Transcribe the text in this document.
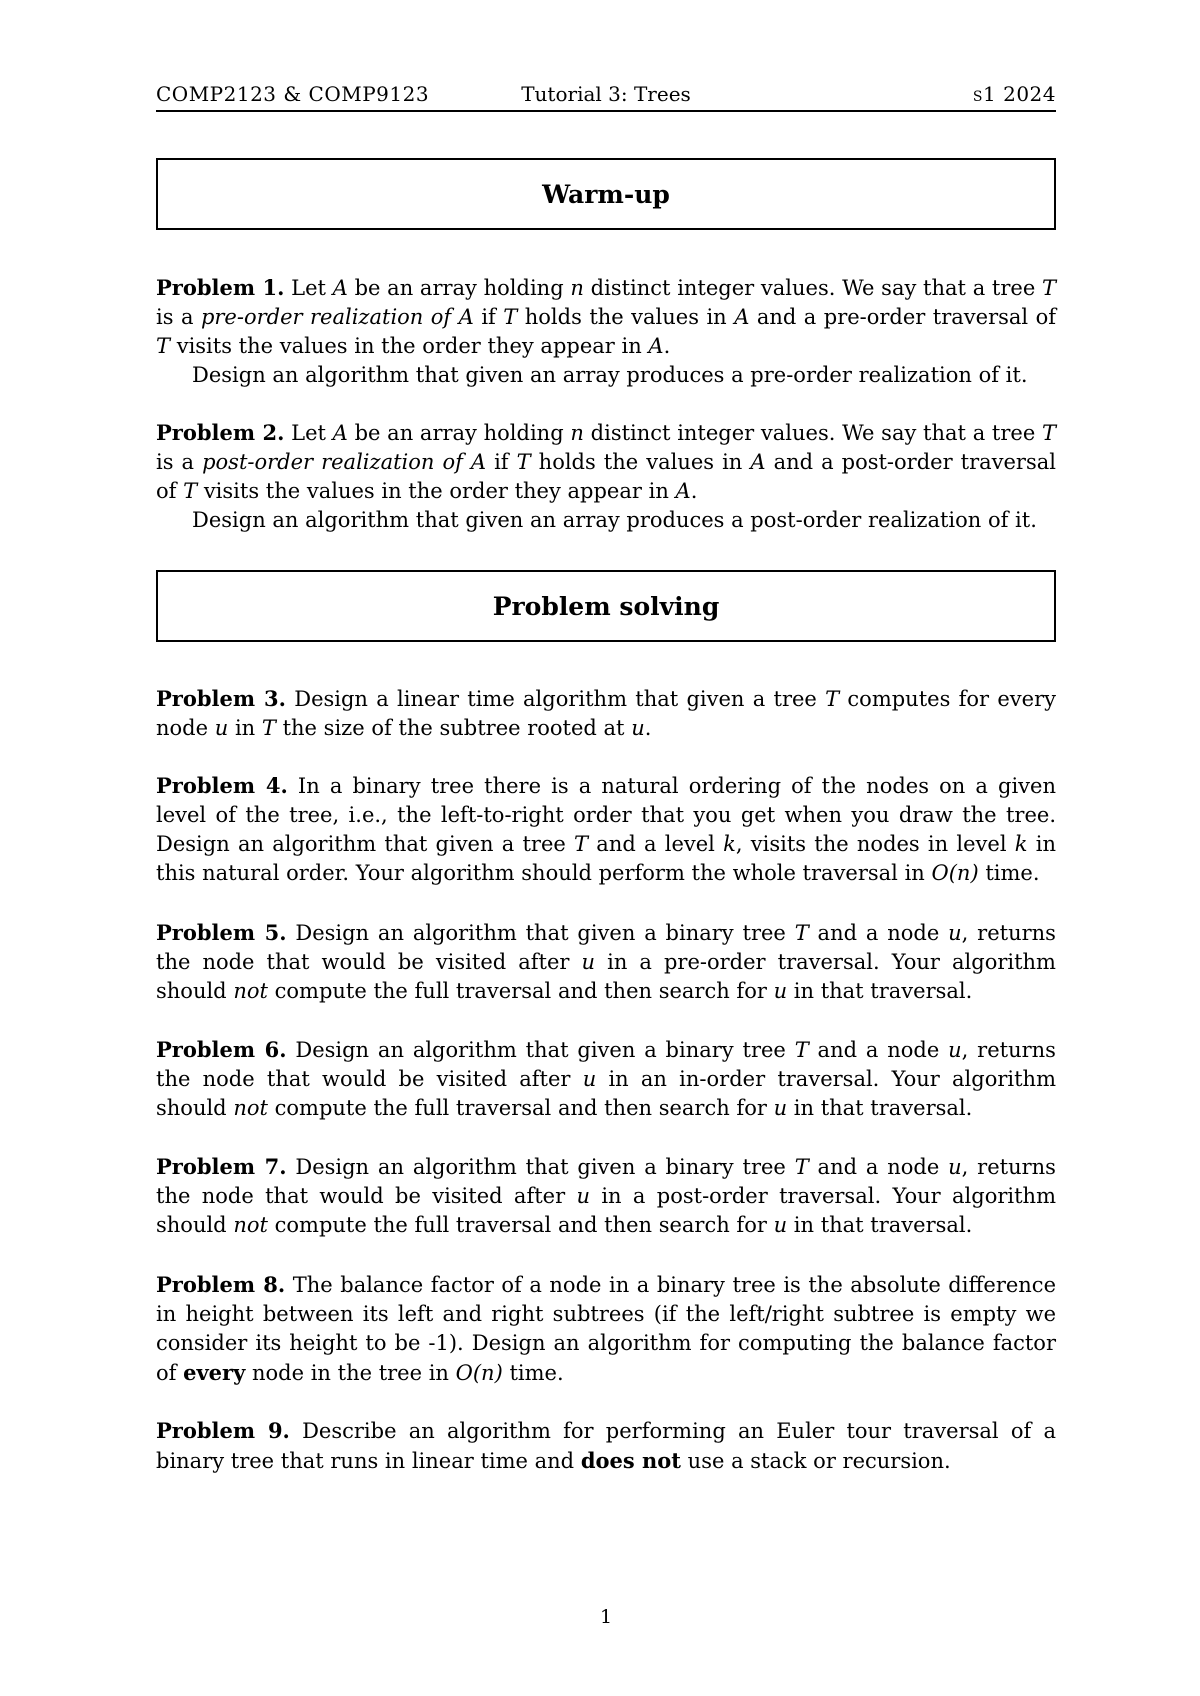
COMP2123 & COMP9123	Tutorial 3: Trees	s1 2024
Warm-up
Problem 1. Let A be an array holding n distinct integer values. We say that a tree T is a pre-order realization of A if T holds the values in A and a pre-order traversal of T visits the values in the order they appear in A.
Design an algorithm that given an array produces a pre-order realization of it.
Problem 2. Let A be an array holding n distinct integer values. We say that a tree T is a post-order realization of A if T holds the values in A and a post-order traversal of T visits the values in the order they appear in A.
Design an algorithm that given an array produces a post-order realization of it.
Problem solving
Problem 3. Design a linear time algorithm that given a tree T computes for every node u in T the size of the subtree rooted at u.
Problem 4. In a binary tree there is a natural ordering of the nodes on a given level of the tree, i.e., the left-to-right order that you get when you draw the tree. Design an algorithm that given a tree T and a level k, visits the nodes in level k in this natural order. Your algorithm should perform the whole traversal in O(n) time.
Problem 5. Design an algorithm that given a binary tree T and a node u, returns the node that would be visited after u in a pre-order traversal. Your algorithm should not compute the full traversal and then search for u in that traversal.
Problem 6. Design an algorithm that given a binary tree T and a node u, returns the node that would be visited after u in an in-order traversal. Your algorithm should not compute the full traversal and then search for u in that traversal.
Problem 7. Design an algorithm that given a binary tree T and a node u, returns the node that would be visited after u in a post-order traversal. Your algorithm should not compute the full traversal and then search for u in that traversal.
Problem 8. The balance factor of a node in a binary tree is the absolute difference in height between its left and right subtrees (if the left/right subtree is empty we consider its height to be -1). Design an algorithm for computing the balance factor of every node in the tree in O(n) time.
Problem 9. Describe an algorithm for performing an Euler tour traversal of a binary tree that runs in linear time and does not use a stack or recursion.
1
